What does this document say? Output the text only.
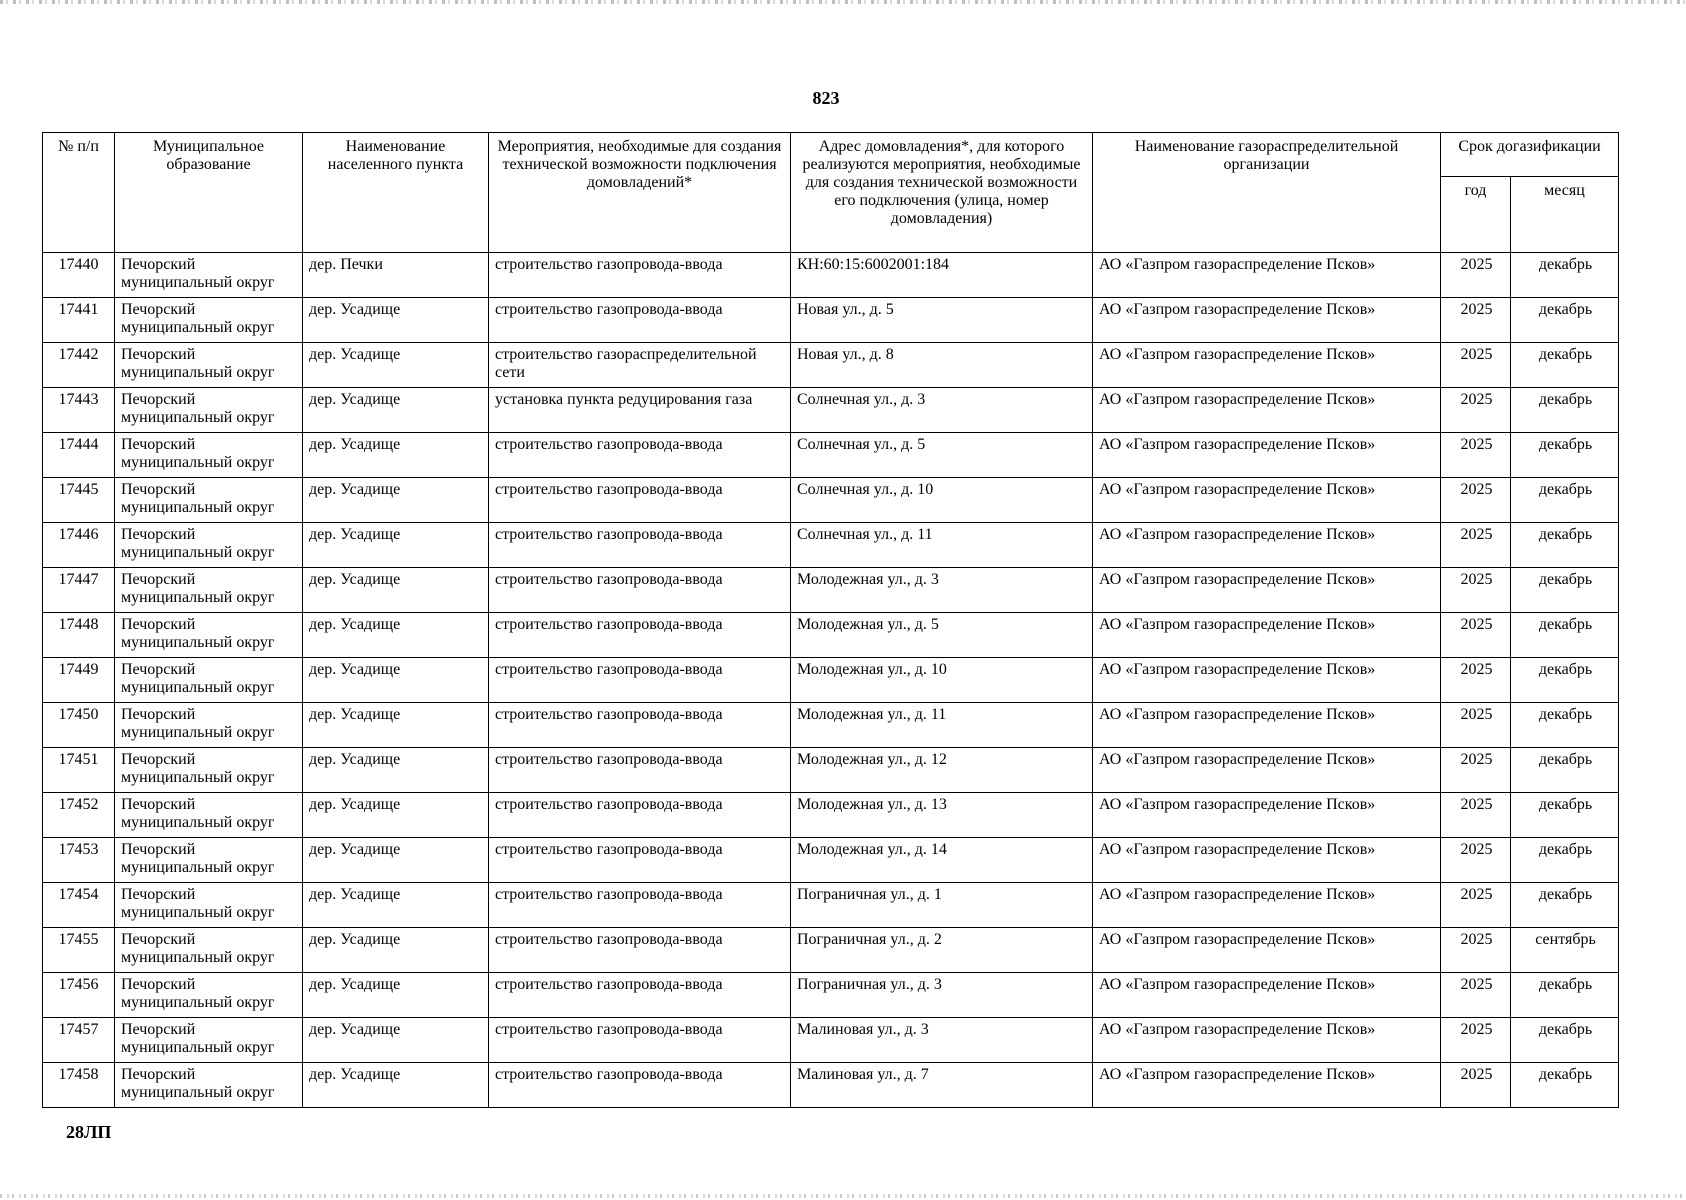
823
№ п/п	Муниципальное образование	Наименование населенного пункта	Мероприятия, необходимые для создания технической возможности подключения домовладений*	Адрес домовладения*, для которого реализуются мероприятия, необходимые для создания технической возможности его подключения (улица, номер домовладения)	Наименование газораспределительной организации	Срок догазификации	
						год	месяц
17440	Печорский муниципальный округ	дер. Печки	строительство газопровода-ввода	КН:60:15:6002001:184	АО «Газпром газораспределение Псков»	2025	декабрь
17441	Печорский муниципальный округ	дер. Усадище	строительство газопровода-ввода	Новая ул., д. 5	АО «Газпром газораспределение Псков»	2025	декабрь
17442	Печорский муниципальный округ	дер. Усадище	строительство газораспределительной сети	Новая ул., д. 8	АО «Газпром газораспределение Псков»	2025	декабрь
17443	Печорский муниципальный округ	дер. Усадище	установка пункта редуцирования газа	Солнечная ул., д. 3	АО «Газпром газораспределение Псков»	2025	декабрь
17444	Печорский муниципальный округ	дер. Усадище	строительство газопровода-ввода	Солнечная ул., д. 5	АО «Газпром газораспределение Псков»	2025	декабрь
17445	Печорский муниципальный округ	дер. Усадище	строительство газопровода-ввода	Солнечная ул., д. 10	АО «Газпром газораспределение Псков»	2025	декабрь
17446	Печорский муниципальный округ	дер. Усадище	строительство газопровода-ввода	Солнечная ул., д. 11	АО «Газпром газораспределение Псков»	2025	декабрь
17447	Печорский муниципальный округ	дер. Усадище	строительство газопровода-ввода	Молодежная ул., д. 3	АО «Газпром газораспределение Псков»	2025	декабрь
17448	Печорский муниципальный округ	дер. Усадище	строительство газопровода-ввода	Молодежная ул., д. 5	АО «Газпром газораспределение Псков»	2025	декабрь
17449	Печорский муниципальный округ	дер. Усадище	строительство газопровода-ввода	Молодежная ул., д. 10	АО «Газпром газораспределение Псков»	2025	декабрь
17450	Печорский муниципальный округ	дер. Усадище	строительство газопровода-ввода	Молодежная ул., д. 11	АО «Газпром газораспределение Псков»	2025	декабрь
17451	Печорский муниципальный округ	дер. Усадище	строительство газопровода-ввода	Молодежная ул., д. 12	АО «Газпром газораспределение Псков»	2025	декабрь
17452	Печорский муниципальный округ	дер. Усадище	строительство газопровода-ввода	Молодежная ул., д. 13	АО «Газпром газораспределение Псков»	2025	декабрь
17453	Печорский муниципальный округ	дер. Усадище	строительство газопровода-ввода	Молодежная ул., д. 14	АО «Газпром газораспределение Псков»	2025	декабрь
17454	Печорский муниципальный округ	дер. Усадище	строительство газопровода-ввода	Пограничная ул., д. 1	АО «Газпром газораспределение Псков»	2025	декабрь
17455	Печорский муниципальный округ	дер. Усадище	строительство газопровода-ввода	Пограничная ул., д. 2	АО «Газпром газораспределение Псков»	2025	сентябрь
17456	Печорский муниципальный округ	дер. Усадище	строительство газопровода-ввода	Пограничная ул., д. 3	АО «Газпром газораспределение Псков»	2025	декабрь
17457	Печорский муниципальный округ	дер. Усадище	строительство газопровода-ввода	Малиновая ул., д. 3	АО «Газпром газораспределение Псков»	2025	декабрь
17458	Печорский муниципальный округ	дер. Усадище	строительство газопровода-ввода	Малиновая ул., д. 7	АО «Газпром газораспределение Псков»	2025	декабрь
28ЛП
